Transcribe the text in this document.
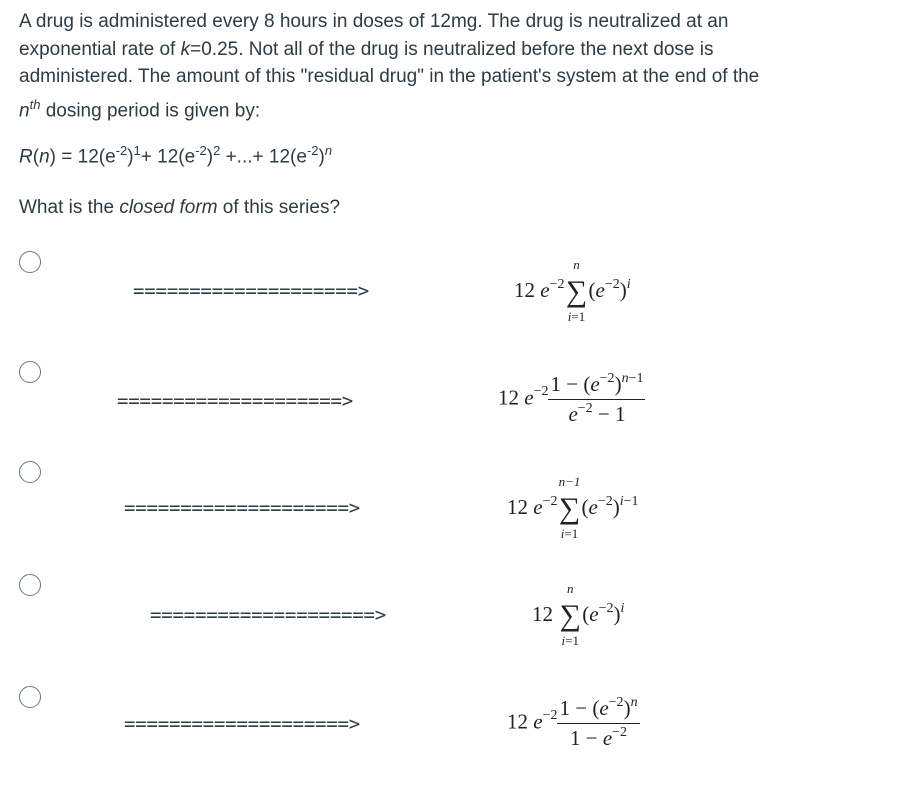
A drug is administered every 8 hours in doses of 12mg. The drug is neutralized at an exponential rate of k=0.25. Not all of the drug is neutralized before the next dose is administered. The amount of this "residual drug" in the patient's system at the end of the $n^{th}$ dosing period is given by:

$R(n) = 12(e^{-2})^1+ 12(e^{-2})^2$ +...+ $12(e^{-2})^n$

What is the closed form of this series?

====================>	12 $e^{-2}$
n
∑
i=1
$(e^{-2})^i$
====================>	12 $e^{-2} \frac{1 - (e^{-2})^{n-1}}{e^{-2} - 1}$
====================>	12 $e^{-2}$
n−1
∑
i=1
$(e^{-2})^{i-1}$
====================>	12
n
∑
i=1
$(e^{-2})^i$
====================>	12 $e^{-2} \frac{1 - (e^{-2})^n}{1 - e^{-2}}$
